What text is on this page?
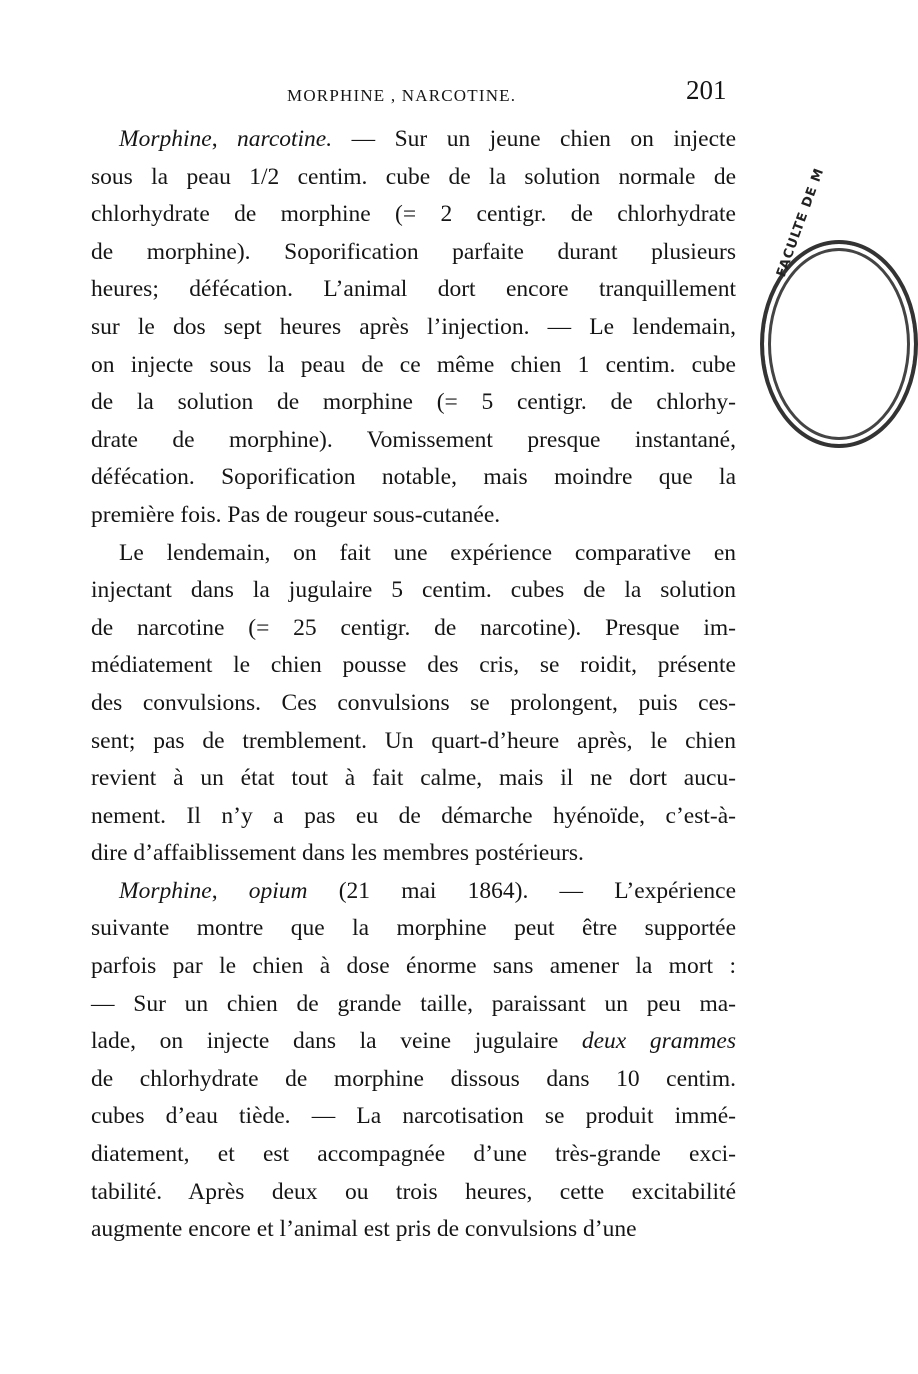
FACULTE DE M
MORPHINE , NARCOTINE.	201

Morphine, narcotine. — Sur un jeune chien on injecte
sous la peau 1/2 centim. cube de la solution normale de
chlorhydrate de morphine (= 2 centigr. de chlorhydrate
de morphine). Soporification parfaite durant plusieurs
heures; défécation. L’animal dort encore tranquillement
sur le dos sept heures après l’injection. — Le lendemain,
on injecte sous la peau de ce même chien 1 centim. cube
de la solution de morphine (= 5 centigr. de chlorhy-
drate de morphine). Vomissement presque instantané,
défécation. Soporification notable, mais moindre que la
première fois. Pas de rougeur sous-cutanée.

Le lendemain, on fait une expérience comparative en
injectant dans la jugulaire 5 centim. cubes de la solution
de narcotine (= 25 centigr. de narcotine). Presque im-
médiatement le chien pousse des cris, se roidit, présente
des convulsions. Ces convulsions se prolongent, puis ces-
sent; pas de tremblement. Un quart-d’heure après, le chien
revient à un état tout à fait calme, mais il ne dort aucu-
nement. Il n’y a pas eu de démarche hyénoïde, c’est-à-
dire d’affaiblissement dans les membres postérieurs.

Morphine, opium (21 mai 1864). — L’expérience
suivante montre que la morphine peut être supportée
parfois par le chien à dose énorme sans amener la mort :
— Sur un chien de grande taille, paraissant un peu ma-
lade, on injecte dans la veine jugulaire deux grammes
de chlorhydrate de morphine dissous dans 10 centim.
cubes d’eau tiède. — La narcotisation se produit immé-
diatement, et est accompagnée d’une très-grande exci-
tabilité. Après deux ou trois heures, cette excitabilité
augmente encore et l’animal est pris de convulsions d’une
